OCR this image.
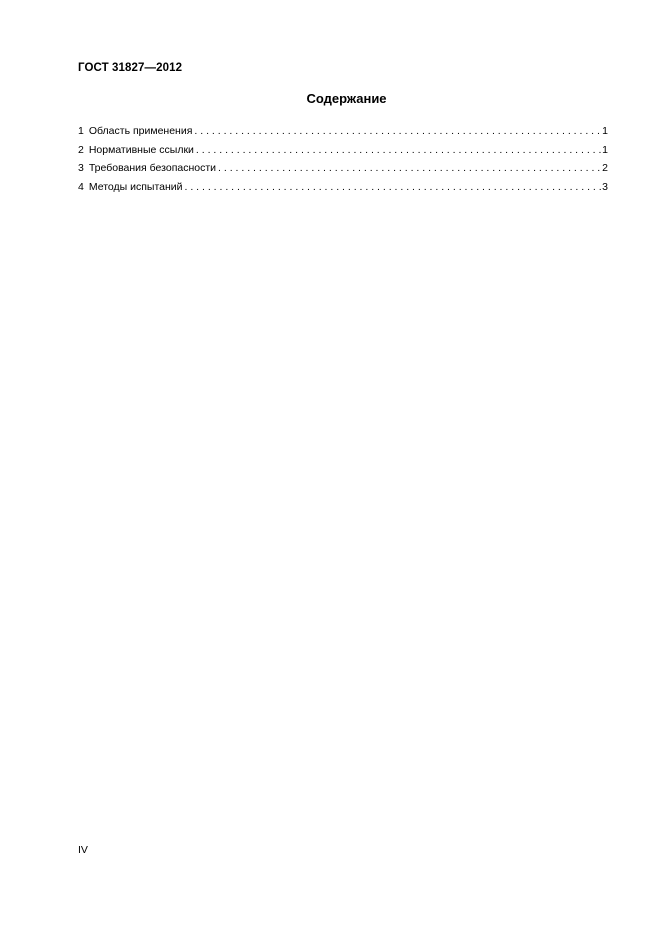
ГОСТ 31827—2012
Содержание
1 Область применения . . .	1
2 Нормативные ссылки . . .	1
3 Требования безопасности . . .	2
4 Методы испытаний . . .	3
IV
